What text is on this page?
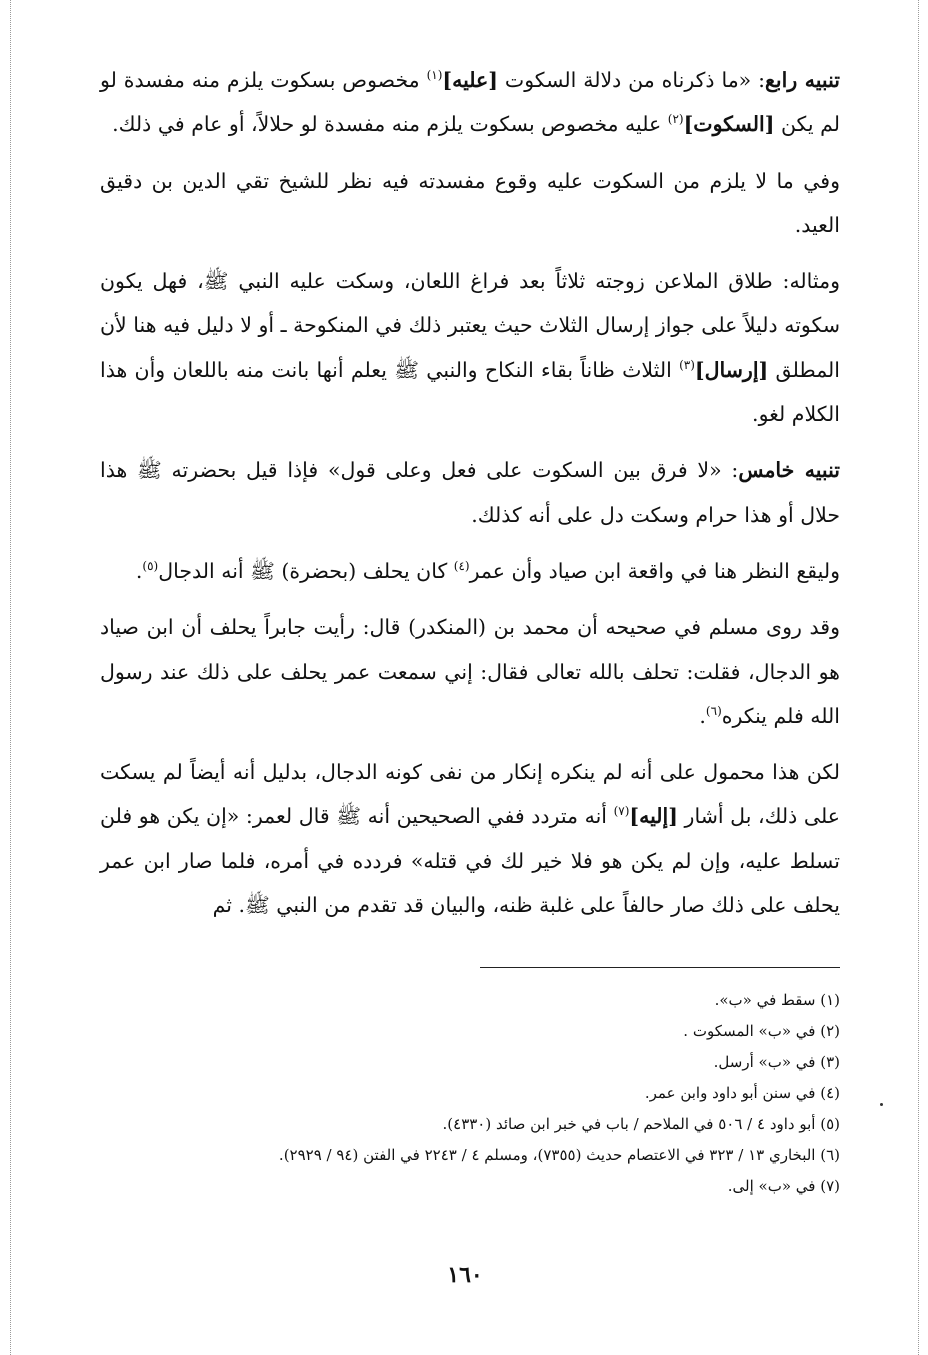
تنبيه رابع: «ما ذكرناه من دلالة السكوت [عليه]$^{(١)}$ مخصوص بسكوت يلزم منه مفسدة لو لم يكن [السكوت]$^{(٢)}$ عليه مخصوص بسكوت يلزم منه مفسدة لو حلالاً، أو عام في ذلك.

وفي ما لا يلزم من السكوت عليه وقوع مفسدته فيه نظر للشيخ تقي الدين بن دقيق العيد.

ومثاله: طلاق الملاعن زوجته ثلاثاً بعد فراغ اللعان، وسكت عليه النبي ﷺ، فهل يكون سكوته دليلاً على جواز إرسال الثلاث حيث يعتبر ذلك في المنكوحة ـ أو لا دليل فيه هنا لأن المطلق [إرسال]$^{(٣)}$ الثلاث ظاناً بقاء النكاح والنبي ﷺ يعلم أنها بانت منه باللعان وأن هذا الكلام لغو.

تنبيه خامس: «لا فرق بين السكوت على فعل وعلى قول» فإذا قيل بحضرته ﷺ هذا حلال أو هذا حرام وسكت دل على أنه كذلك.

وليقع النظر هنا في واقعة ابن صياد وأن عمر$^{(٤)}$ كان يحلف (بحضرة) ﷺ أنه الدجال$^{(٥)}$.

وقد روى مسلم في صحيحه أن محمد بن (المنكدر) قال: رأيت جابراً يحلف أن ابن صياد هو الدجال، فقلت: تحلف بالله تعالى فقال: إني سمعت عمر يحلف على ذلك عند رسول الله فلم ينكره$^{(٦)}$.

لكن هذا محمول على أنه لم ينكره إنكار من نفى كونه الدجال، بدليل أنه أيضاً لم يسكت على ذلك، بل أشار [إليه]$^{(٧)}$ أنه متردد ففي الصحيحين أنه ﷺ قال لعمر: «إن يكن هو فلن تسلط عليه، وإن لم يكن هو فلا خير لك في قتله» فردده في أمره، فلما صار ابن عمر يحلف على ذلك صار حالفاً على غلبة ظنه، والبيان قد تقدم من النبي ﷺ. ثم

(١) سقط في «ب».

(٢) في «ب» المسكوت .

(٣) في «ب» أرسل.

(٤) في سنن أبو داود وابن عمر.

(٥) أبو داود ٤ / ٥٠٦ في الملاحم / باب في خبر ابن صائد (٤٣٣٠).

(٦) البخاري ١٣ / ٣٢٣ في الاعتصام حديث (٧٣٥٥)، ومسلم ٤ / ٢٢٤٣ في الفتن (٩٤ / ٢٩٢٩).

(٧) في «ب» إلى.

١٦٠
